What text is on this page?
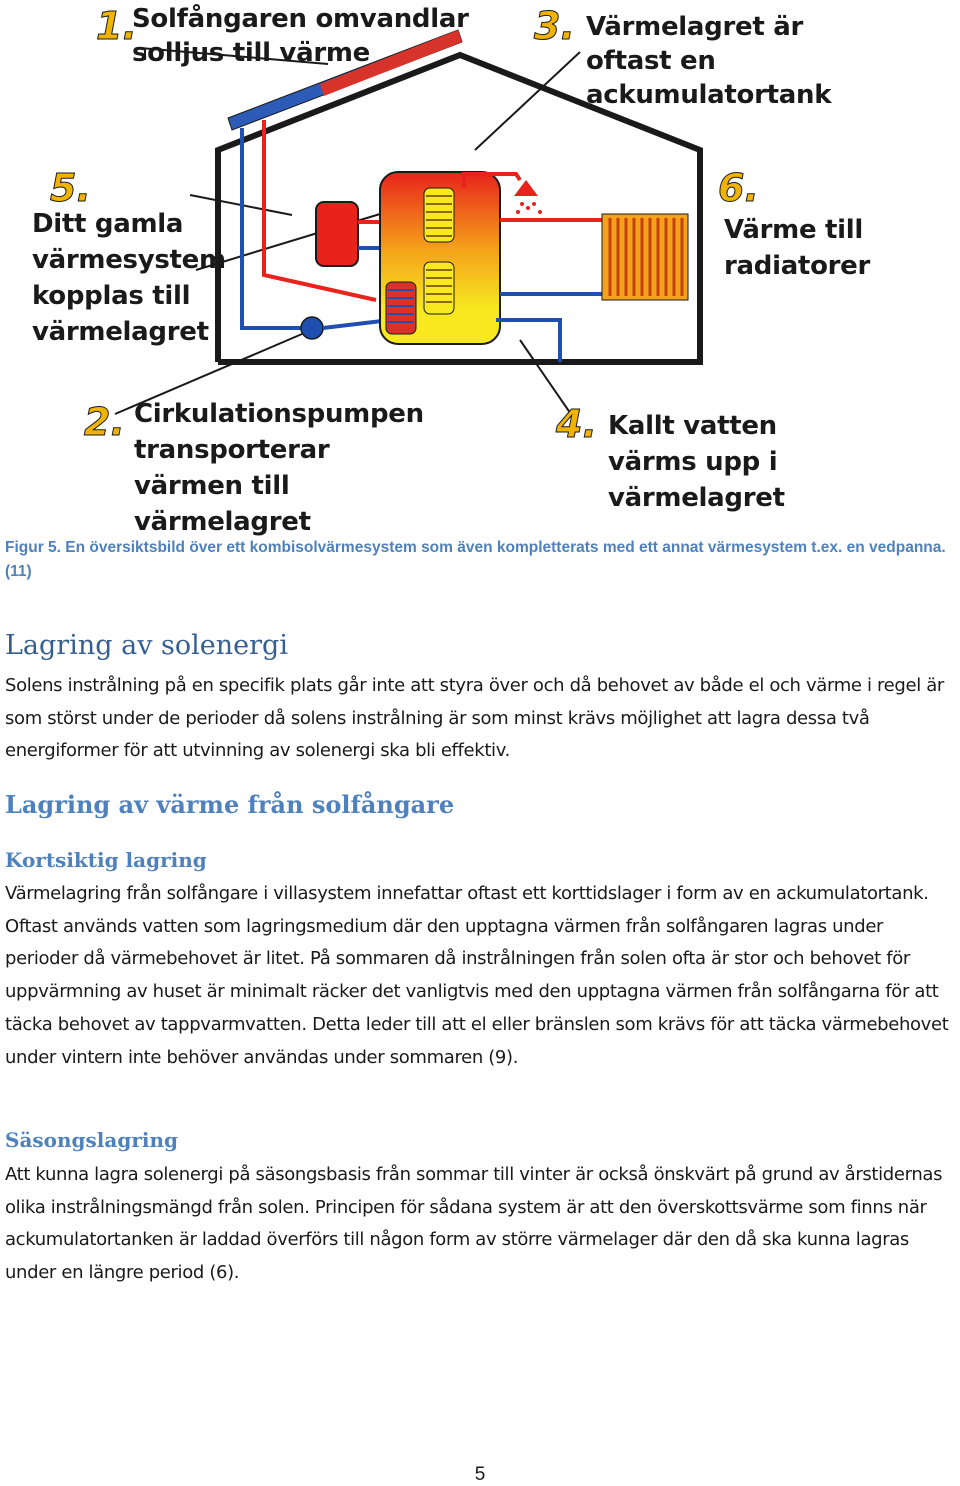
1.
Solfångaren omvandlar solljus till värme
3. Värmelagret är oftast en ackumulatortank
5.
Ditt gamla värmesystem kopplas till värmelagret
6.
Värme till radiatorer
2. Cirkulationspumpen transporterar värmen till värmelagret
4. Kallt vatten värms upp i värmelagret
Figur 5. En översiktsbild över ett kombisolvärmesystem som även kompletterats med ett annat värmesystem t.ex. en vedpanna. (11)
Lagring av solenergi

Solens instrålning på en specifik plats går inte att styra över och då behovet av både el och värme i regel är som störst under de perioder då solens instrålning är som minst krävs möjlighet att lagra dessa två energiformer för att utvinning av solenergi ska bli effektiv.

Lagring av värme från solfångare
Kortsiktig lagring

Värmelagring från solfångare i villasystem innefattar oftast ett korttidslager i form av en ackumulatortank. Oftast används vatten som lagringsmedium där den upptagna värmen från solfångaren lagras under perioder då värmebehovet är litet. På sommaren då instrålningen från solen ofta är stor och behovet för uppvärmning av huset är minimalt räcker det vanligtvis med den upptagna värmen från solfångarna för att täcka behovet av tappvarmvatten. Detta leder till att el eller bränslen som krävs för att täcka värmebehovet under vintern inte behöver användas under sommaren (9).

Säsongslagring

Att kunna lagra solenergi på säsongsbasis från sommar till vinter är också önskvärt på grund av årstidernas olika instrålningsmängd från solen. Principen för sådana system är att den överskottsvärme som finns när ackumulatortanken är laddad överförs till någon form av större värmelager där den då ska kunna lagras under en längre period (6).

5
